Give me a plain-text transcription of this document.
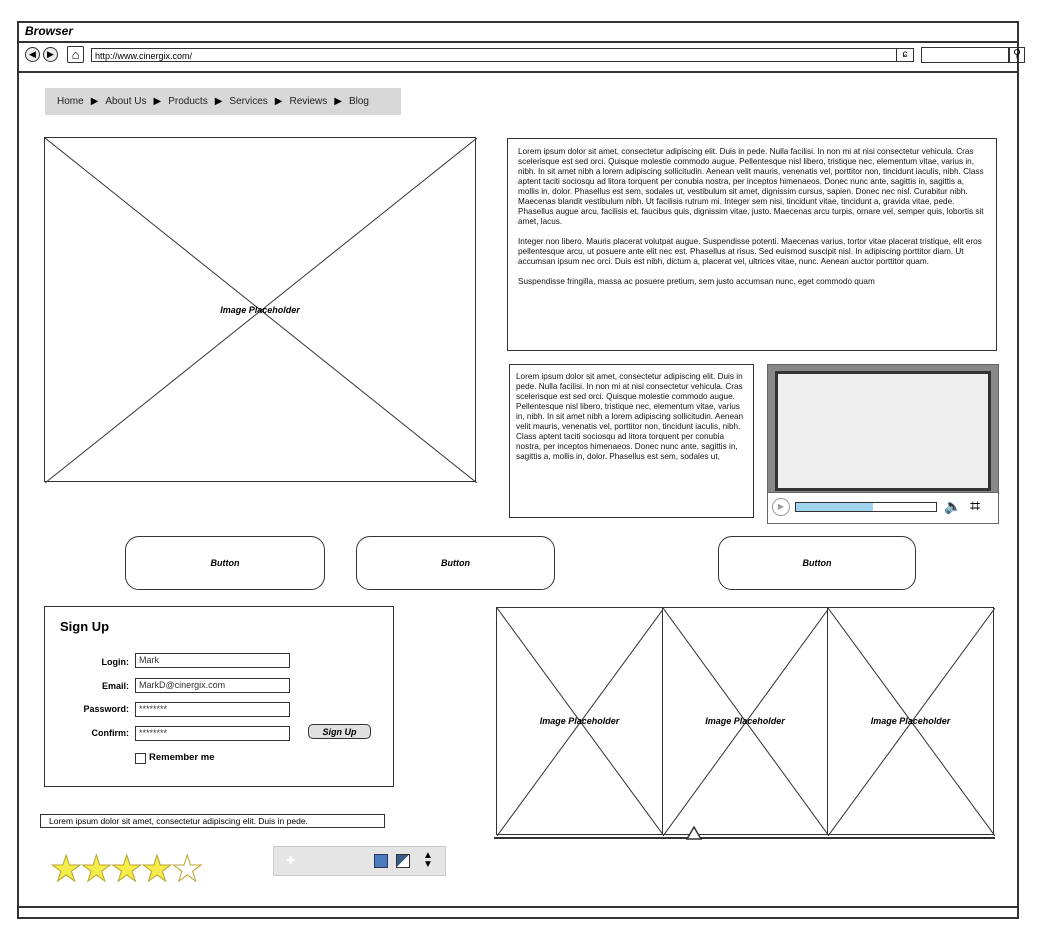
Browser
◀	▶	⌂	http://www.cinergix.com/	ɕ	⚲
Home ▶ About Us ▶ Products ▶ Services ▶ Reviews ▶ Blog
Image Placeholder

Lorem ipsum dolor sit amet, consectetur adipiscing elit. Duis in pede. Nulla facilisi. In non mi at nisi consectetur vehicula. Cras scelerisque est sed orci. Quisque molestie commodo augue. Pellentesque nisl libero, tristique nec, elementum vitae, varius in, nibh. In sit amet nibh a lorem adipiscing sollicitudin. Aenean velit mauris, venenatis vel, porttitor non, tincidunt iaculis, nibh. Class aptent taciti sociosqu ad litora torquent per conubia nostra, per inceptos himenaeos. Donec nunc ante, sagittis in, sagittis a, mollis in, dolor. Phasellus est sem, sodales ut, vestibulum sit amet, dignissim cursus, sapien. Donec nec nisl. Curabitur nibh. Maecenas blandit vestibulum nibh. Ut facilisis rutrum mi. Integer sem nisi, tincidunt vitae, tincidunt a, gravida vitae, pede. Phasellus augue arcu, facilisis et, faucibus quis, dignissim vitae, justo. Maecenas arcu turpis, ornare vel, semper quis, lobortis sit amet, lacus.

Integer non libero. Mauris placerat volutpat augue. Suspendisse potenti. Maecenas varius, tortor vitae placerat tristique, elit eros pellentesque arcu, ut posuere ante elit nec est. Phasellus at risus. Sed euismod suscipit nisl. In adipiscing porttitor diam. Ut accumsan ipsum nec orci. Duis est nibh, dictum a, placerat vel, ultrices vitae, nunc. Aenean auctor porttitor quam.

Suspendisse fringilla, massa ac posuere pretium, sem justo accumsan nunc, eget commodo quam

Lorem ipsum dolor sit amet, consectetur adipiscing elit. Duis in pede. Nulla facilisi. In non mi at nisi consectetur vehicula. Cras scelerisque est sed orci. Quisque molestie commodo augue. Pellentesque nisl libero, tristique nec, elementum vitae, varius in, nibh. In sit amet nibh a lorem adipiscing sollicitudin. Aenean velit mauris, venenatis vel, porttitor non, tincidunt iaculis, nibh. Class aptent taciti sociosqu ad litora torquent per conubia nostra, per inceptos himenaeos. Donec nunc ante, sagittis in, sagittis a, mollis in, dolor. Phasellus est sem, sodales ut,

▶	🔈 ⌗
Button	Button	Button
Sign Up
Login:	Mark
Email:	MarkD@cinergix.com
Password:	********
Confirm:	********	Sign Up
Remember me
Lorem ipsum dolor sit amet, consectetur adipiscing elit. Duis in pede.
★★★★★	✚	▲
▼
Image Placeholder	Image Placeholder	Image Placeholder
